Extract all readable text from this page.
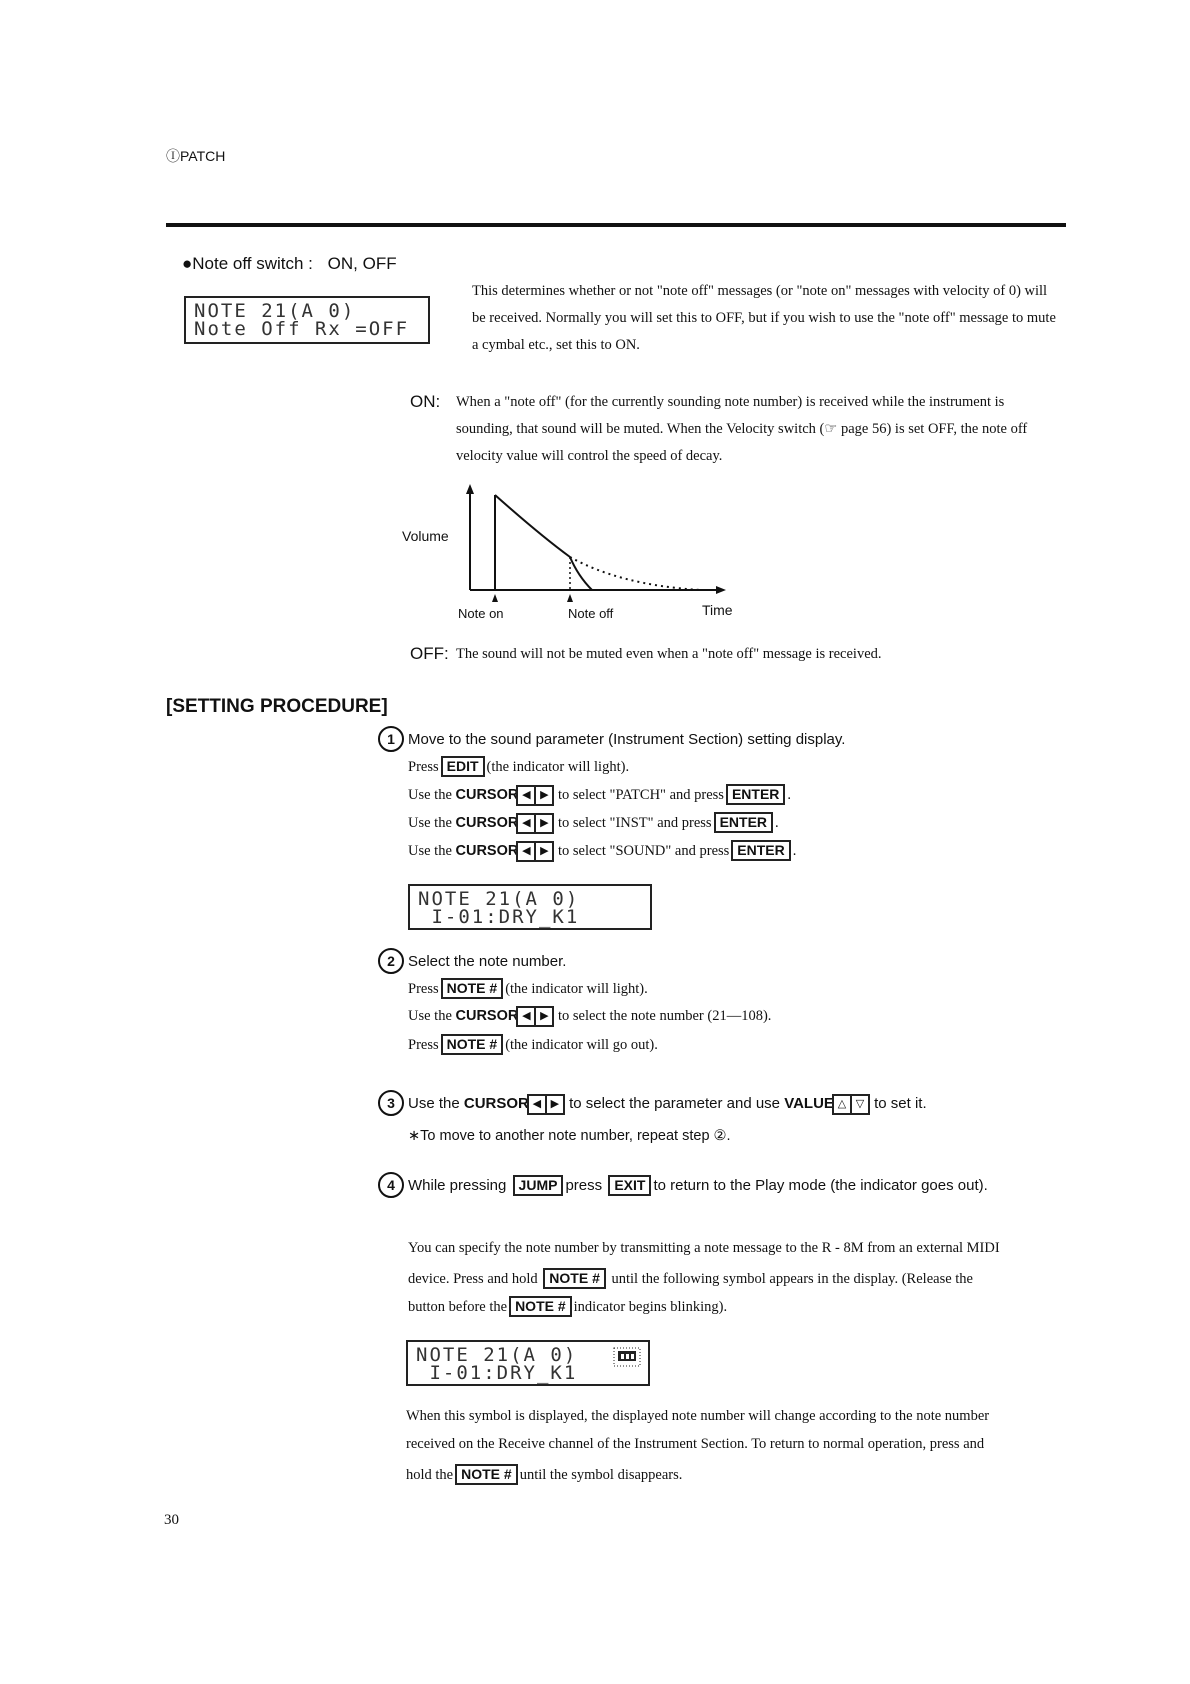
ⒾPATCH
●Note off switch : ON, OFF
NOTE 21(A 0)
Note Off Rx =OFF
This determines whether or not "note off" messages (or "note on" messages with velocity of 0) will be received. Normally you will set this to OFF, but if you wish to use the "note off" message to mute a cymbal etc., set this to ON.
ON: When a "note off" (for the currently sounding note number) is received while the instrument is sounding, that sound will be muted. When the Velocity switch (☞ page 56) is set OFF, the note off velocity value will control the speed of decay.
Volume
Note on	Note off	Time
OFF: The sound will not be muted even when a "note off" message is received.
[SETTING PROCEDURE]
1 Move to the sound parameter (Instrument Section) setting display.
Press EDIT (the indicator will light).
Use the CURSOR ◀ ▶ to select "PATCH" and press ENTER .
Use the CURSOR ◀ ▶ to select "INST" and press ENTER .
Use the CURSOR ◀ ▶ to select "SOUND" and press ENTER .
NOTE 21(A 0)
I-01:DRY_K1
2 Select the note number.
Press NOTE # (the indicator will light).
Use the CURSOR ◀ ▶ to select the note number (21—108).
Press NOTE # (the indicator will go out).
3 Use the CURSOR ◀ ▶ to select the parameter and use VALUE △ ▽ to set it.
∗To move to another note number, repeat step ②.
4 While pressing JUMP press EXIT to return to the Play mode (the indicator goes out).
You can specify the note number by transmitting a note message to the R - 8M from an external MIDI
device. Press and hold NOTE # until the following symbol appears in the display. (Release the
button before the NOTE # indicator begins blinking).
NOTE 21(A 0)
I-01:DRY_K1
When this symbol is displayed, the displayed note number will change according to the note number
received on the Receive channel of the Instrument Section. To return to normal operation, press and
hold the NOTE # until the symbol disappears.
30
